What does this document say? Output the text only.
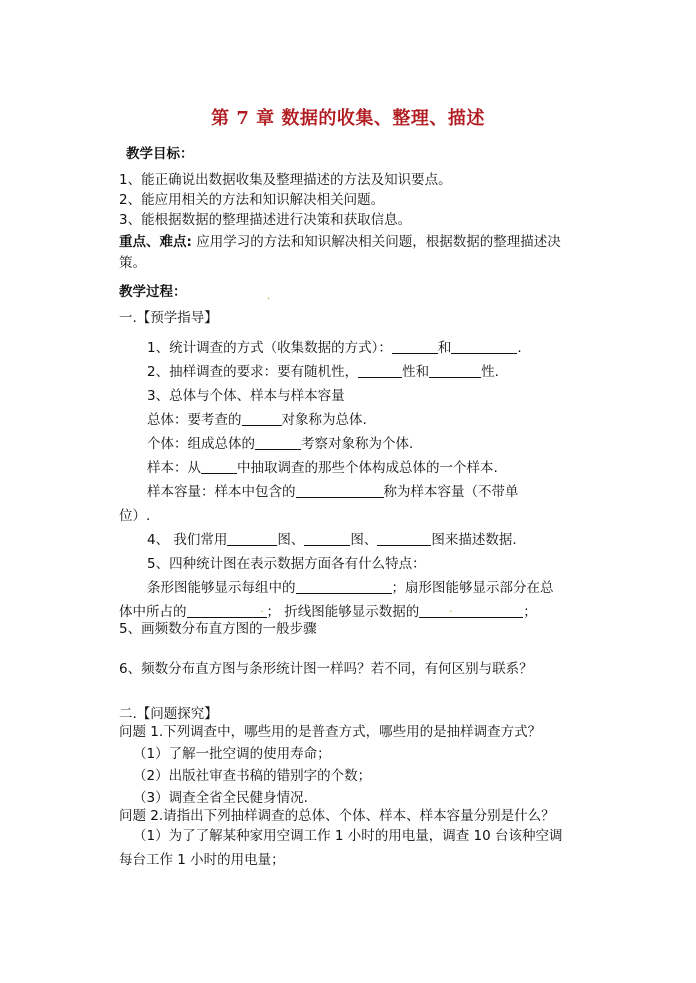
第 7 章 数据的收集、整理、描述
教学目标：
1、能正确说出数据收集及整理描述的方法及知识要点。
2、能应用相关的方法和知识解决相关问题。
3、能根据数据的整理描述进行决策和获取信息。
重点、难点: 应用学习的方法和知识解决相关问题，根据数据的整理描述决
策。
教学过程：	.
一.【预学指导】
1、统计调查的方式（收集数据的方式）：	和	.
2、抽样调查的要求：要有随机性，	性和	性.
3、总体与个体、样本与样本容量
总体：要考查的	对象称为总体.
个体：组成总体的	考察对象称为个体.
样本：从	中抽取调查的那些个体构成总体的一个样本.
样本容量：样本中包含的	称为样本容量（不带单
位）.
4、 我们常用	图、	图、	图来描述数据.
5、四种统计图在表示数据方面各有什么特点：
条形图能够显示每组中的	；扇形图能够显示部分在总
体中所占的	. ； 折线图能够显示数据的	.	；
5、画频数分布直方图的一般步骤
6、频数分布直方图与条形统计图一样吗？若不同，有何区别与联系？
二.【问题探究】
问题 1.下列调查中，哪些用的是普查方式，哪些用的是抽样调查方式？
（1）了解一批空调的使用寿命；
（2）出版社审查书稿的错别字的个数；
（3）调查全省全民健身情况.
问题 2.请指出下列抽样调查的总体、个体、样本、样本容量分别是什么？
（1）为了了解某种家用空调工作 1 小时的用电量，调查 10 台该种空调
每台工作 1 小时的用电量；
